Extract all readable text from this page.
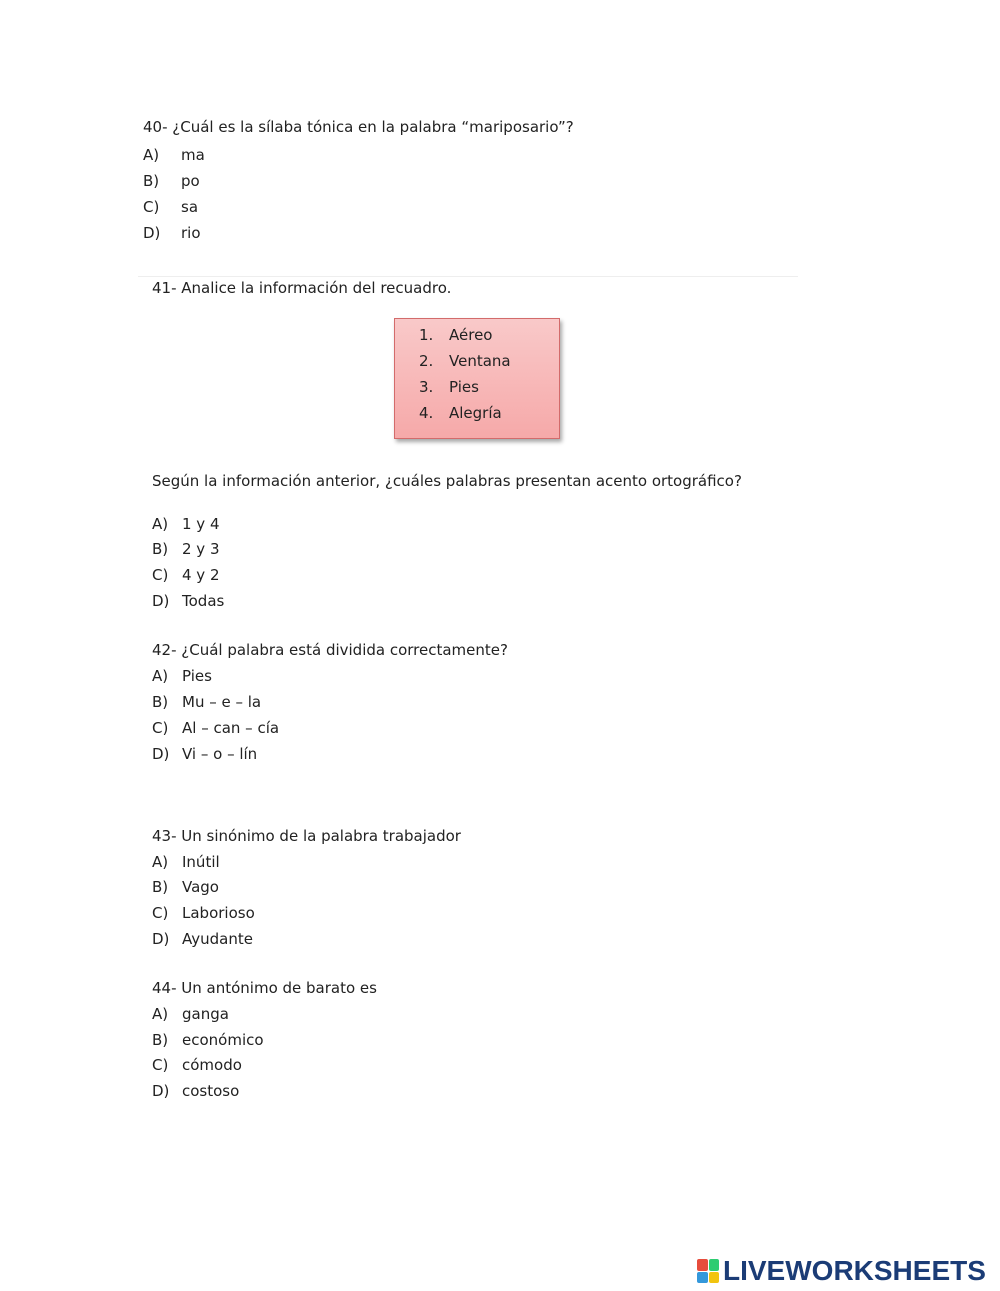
40- ¿Cuál es la sílaba tónica en la palabra “mariposario”?
A) ma
B) po
C) sa
D) rio
41- Analice la información del recuadro.
1. Aéreo
2. Ventana
3. Pies
4. Alegría
Según la información anterior, ¿cuáles palabras presentan acento ortográfico?
A) 1 y 4
B) 2 y 3
C) 4 y 2
D) Todas
42- ¿Cuál palabra está dividida correctamente?
A) Pies
B) Mu – e – la
C) Al – can – cía
D) Vi – o – lín
43- Un sinónimo de la palabra trabajador
A) Inútil
B) Vago
C) Laborioso
D) Ayudante
44- Un antónimo de barato es
A) ganga
B) económico
C) cómodo
D) costoso
LIVEWORKSHEETS
